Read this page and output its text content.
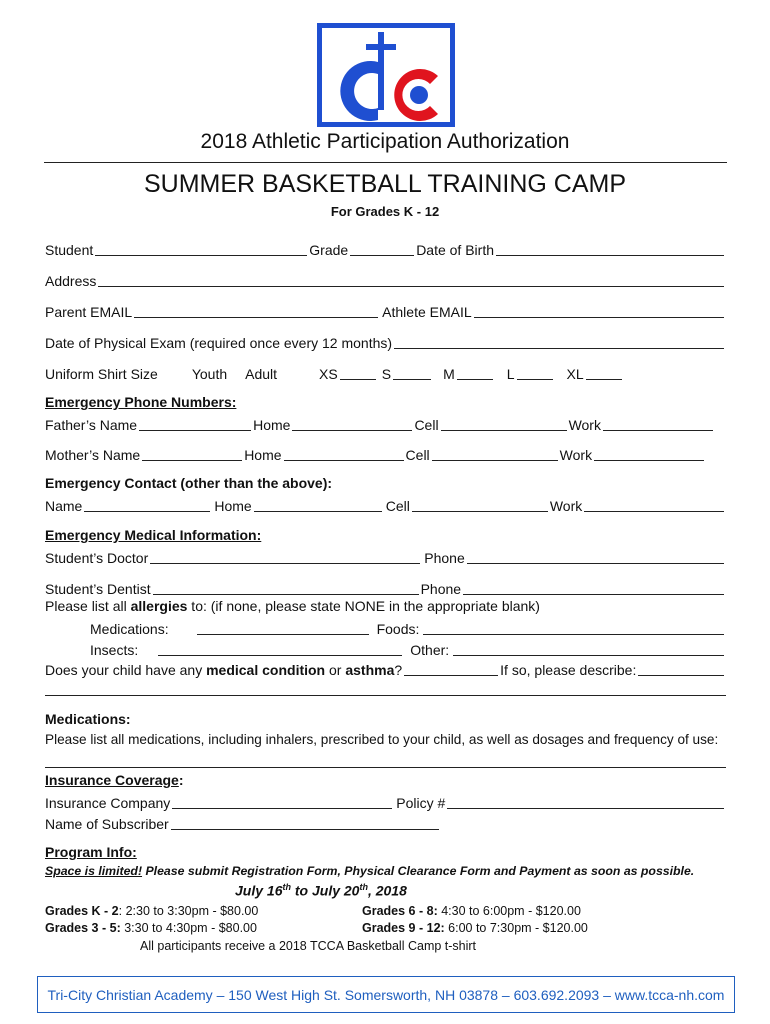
2018 Athletic Participation Authorization
SUMMER BASKETBALL TRAINING CAMP
For Grades K - 12
Student	Grade	Date of Birth
Address
Parent EMAIL	Athlete EMAIL
Date of Physical Exam (required once every 12 months)
Uniform Shirt Size Youth Adult	XS	S	M	L	XL
Emergency Phone Numbers:
Father’s Name	Home	Cell	Work
Mother’s Name	Home	Cell	Work
Emergency Contact (other than the above):
Name	Home	Cell	Work
Emergency Medical Information:
Student’s Doctor	Phone
Student’s Dentist	Phone
Please list all allergies to: (if none, please state NONE in the appropriate blank)
Medications:	Foods:
Insects:	Other:
Does your child have any medical condition or asthma?	If so, please describe:
Medications:
Please list all medications, including inhalers, prescribed to your child, as well as dosages and frequency of use:
Insurance Coverage:
Insurance Company	Policy #
Name of Subscriber
Program Info:
Space is limited! Please submit Registration Form, Physical Clearance Form and Payment as soon as possible.
July 16th to July 20th, 2018
Grades K - 2: 2:30 to 3:30pm - $80.00
Grades 3 - 5: 3:30 to 4:30pm - $80.00
Grades 6 - 8: 4:30 to 6:00pm - $120.00
Grades 9 - 12: 6:00 to 7:30pm - $120.00
All participants receive a 2018 TCCA Basketball Camp t-shirt
Tri-City Christian Academy – 150 West High St. Somersworth, NH 03878 – 603.692.2093 – www.tcca-nh.com
